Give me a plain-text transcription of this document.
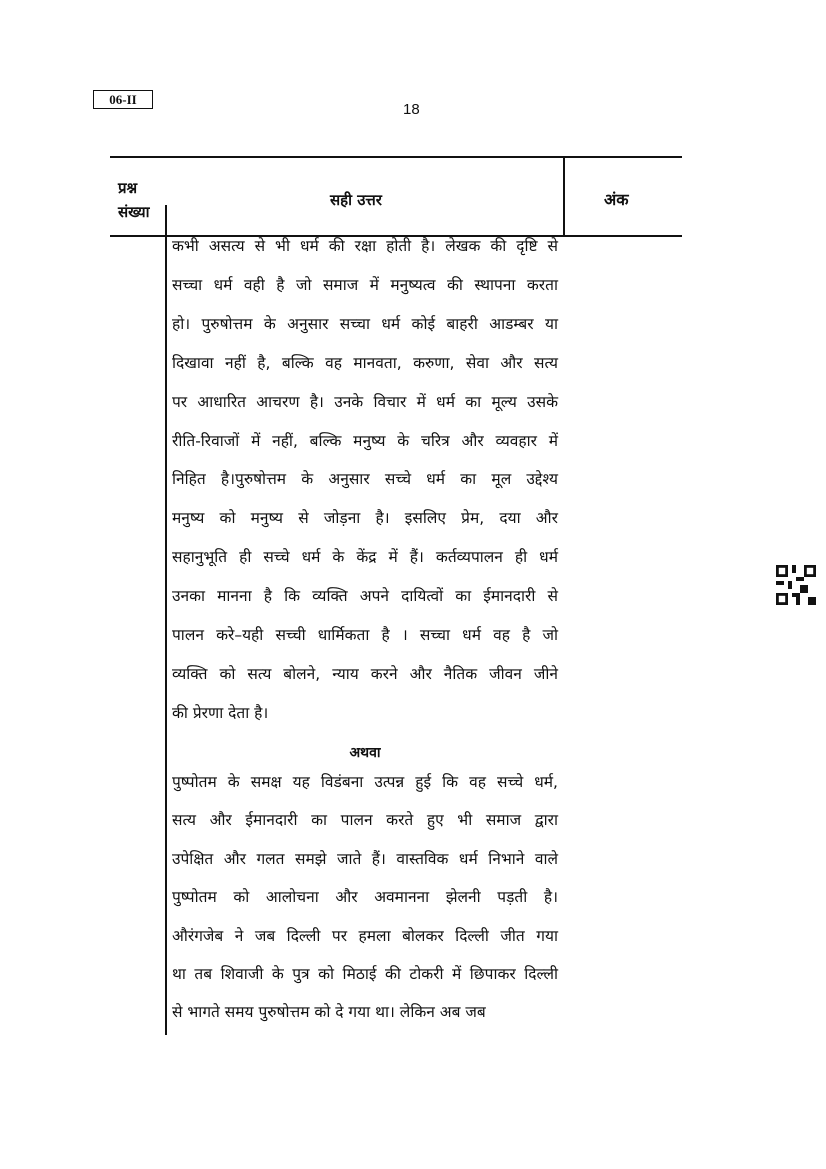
06-II
18
प्रश्न
संख्या
सही उत्तर	अंक
कभी असत्य से भी धर्म की रक्षा होती है। लेखक की दृष्टि से
सच्चा धर्म वही है जो समाज में मनुष्यत्व की स्थापना करता
हो। पुरुषोत्तम के अनुसार सच्चा धर्म कोई बाहरी आडम्बर या
दिखावा नहीं है, बल्कि वह मानवता, करुणा, सेवा और सत्य
पर आधारित आचरण है। उनके विचार में धर्म का मूल्य उसके
रीति-रिवाजों में नहीं, बल्कि मनुष्य के चरित्र और व्यवहार में
निहित है।पुरुषोत्तम के अनुसार सच्चे धर्म का मूल उद्देश्य
मनुष्य को मनुष्य से जोड़ना है। इसलिए प्रेम, दया और
सहानुभूति ही सच्चे धर्म के केंद्र में हैं। कर्तव्यपालन ही धर्म
उनका मानना है कि व्यक्ति अपने दायित्वों का ईमानदारी से
पालन करे–यही सच्ची धार्मिकता है । सच्चा धर्म वह है जो
व्यक्ति को सत्य बोलने, न्याय करने और नैतिक जीवन जीने
की प्रेरणा देता है।
अथवा
पुष्पोतम के समक्ष यह विडंबना उत्पन्न हुई कि वह सच्चे धर्म,
सत्य और ईमानदारी का पालन करते हुए भी समाज द्वारा
उपेक्षित और गलत समझे जाते हैं। वास्तविक धर्म निभाने वाले
पुष्पोतम को आलोचना और अवमानना झेलनी पड़ती है।
औरंगजेब ने जब दिल्ली पर हमला बोलकर दिल्ली जीत गया
था तब शिवाजी के पुत्र को मिठाई की टोकरी में छिपाकर दिल्ली
से भागते समय पुरुषोत्तम को दे गया था। लेकिन अब जब
